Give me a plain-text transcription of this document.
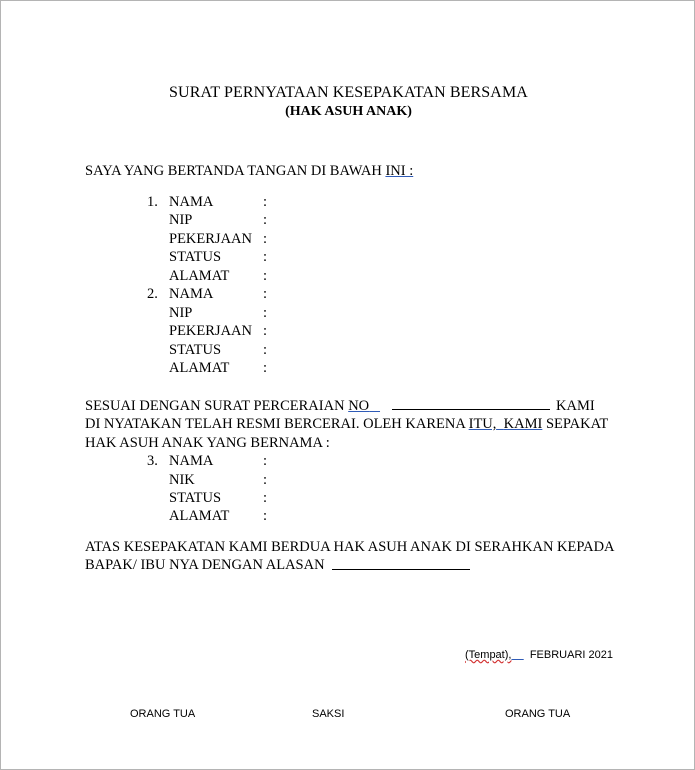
SURAT PERNYATAAN KESEPAKATAN BERSAMA
(HAK ASUH ANAK)
SAYA YANG BERTANDA TANGAN DI BAWAH INI :
1. NAMA	:
NIP	:
PEKERJAAN :
STATUS	:
ALAMAT :
2. NAMA	:
NIP	:
PEKERJAAN :
STATUS	:
ALAMAT :
SESUAI DENGAN SURAT PERCERAIAN NO	KAMI
DI NYATAKAN TELAH RESMI BERCERAI. OLEH KARENA ITU, KAMI SEPAKAT
HAK ASUH ANAK YANG BERNAMA :
3. NAMA	:
NIK	:
STATUS	:
ALAMAT :
ATAS KESEPAKATAN KAMI BERDUA HAK ASUH ANAK DI SERAHKAN KEPADA
BAPAK/ IBU NYA DENGAN ALASAN
(Tempat), FEBRUARI 2021
ORANG TUA	SAKSI	ORANG TUA
